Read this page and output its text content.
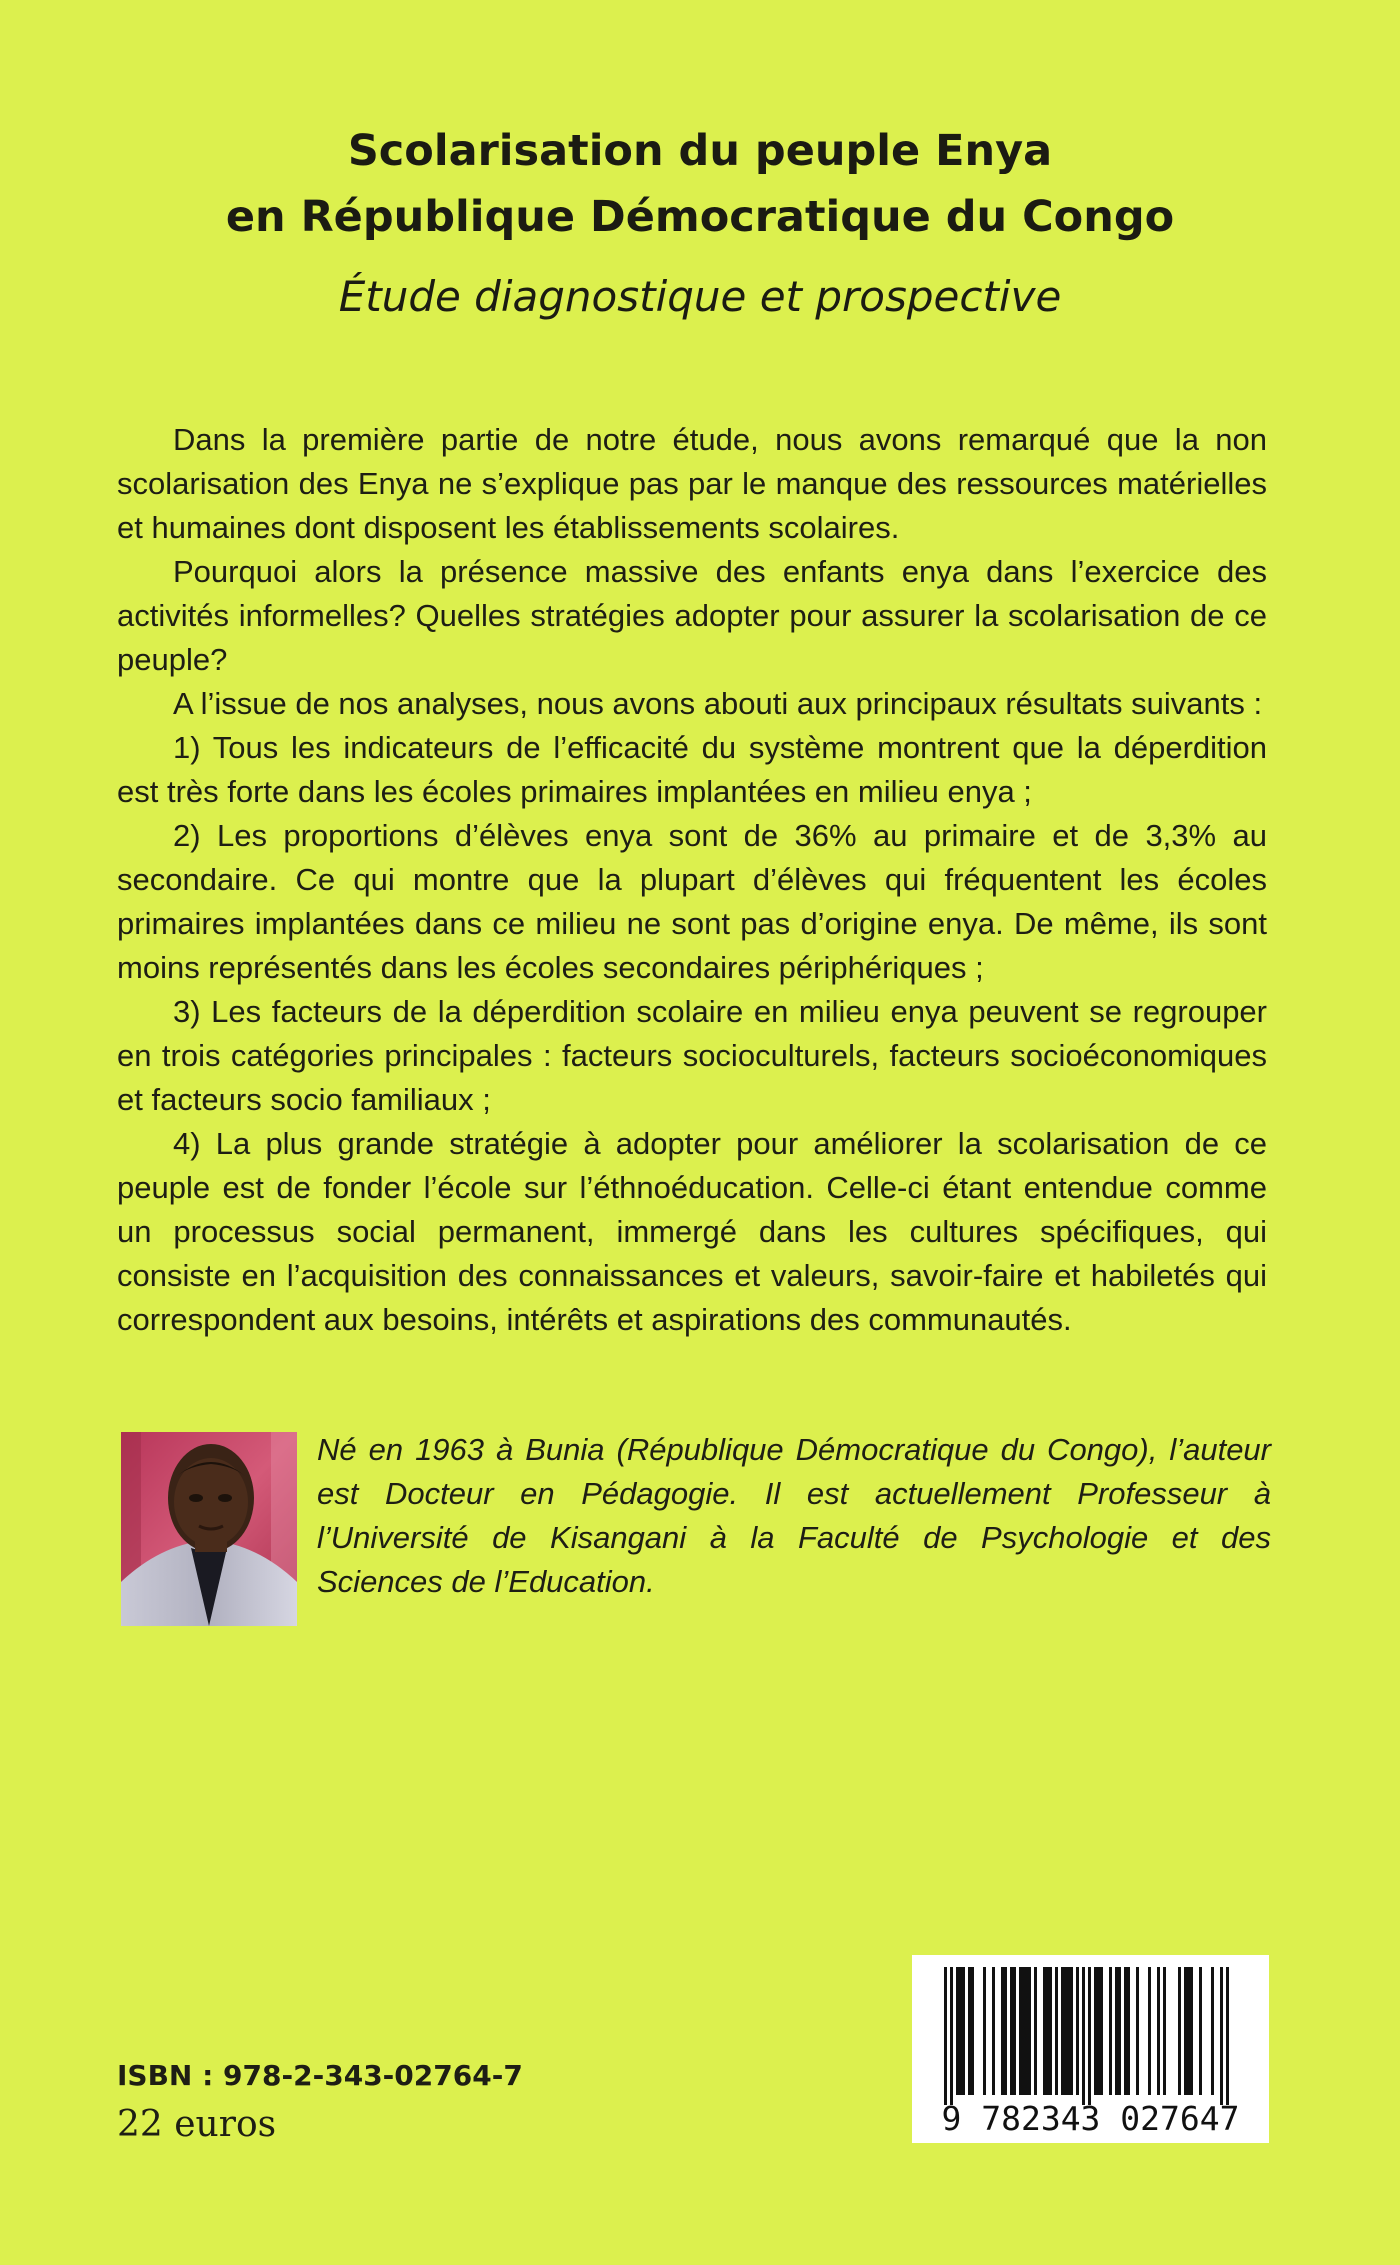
Scolarisation du peuple Enya
en République Démocratique du Congo
Étude diagnostique et prospective

Dans la première partie de notre étude, nous avons remarqué que la non scolarisation des Enya ne s’explique pas par le manque des ressources matérielles et humaines dont disposent les établissements scolaires.

Pourquoi alors la présence massive des enfants enya dans l’exercice des activités informelles? Quelles stratégies adopter pour assurer la scolarisation de ce peuple?

A l’issue de nos analyses, nous avons abouti aux principaux résultats suivants :

1) Tous les indicateurs de l’efficacité du système montrent que la déperdition est très forte dans les écoles primaires implantées en milieu enya ;

2) Les proportions d’élèves enya sont de 36% au primaire et de 3,3% au secondaire. Ce qui montre que la plupart d’élèves qui fréquentent les écoles primaires implantées dans ce milieu ne sont pas d’origine enya. De même, ils sont moins représentés dans les écoles secondaires périphériques ;

3) Les facteurs de la déperdition scolaire en milieu enya peuvent se regrouper en trois catégories principales : facteurs socioculturels, facteurs socioéconomiques et facteurs socio familiaux ;

4) La plus grande stratégie à adopter pour améliorer la scolarisation de ce peuple est de fonder l’école sur l’éthnoéducation. Celle-ci étant entendue comme un processus social permanent, immergé dans les cultures spécifiques, qui consiste en l’acquisition des connaissances et valeurs, savoir-faire et habiletés qui correspondent aux besoins, intérêts et aspirations des communautés.

Né en 1963 à Bunia (République Démocratique du Congo), l’auteur est Docteur en Pédagogie. Il est actuellement Professeur à l’Université de Kisangani à la Faculté de Psychologie et des Sciences de l’Education.
ISBN : 978-2-343-02764-7
22 euros	9 782343 027647
